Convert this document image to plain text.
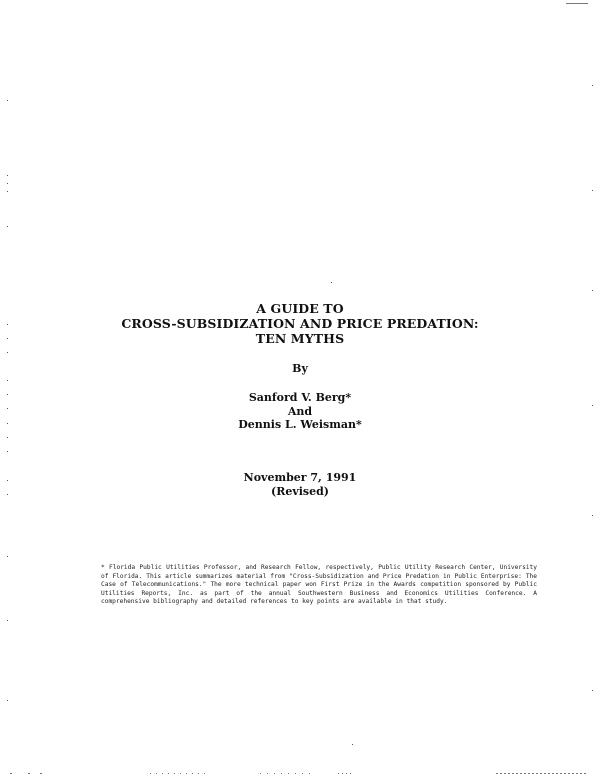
A GUIDE TO
CROSS-SUBSIDIZATION AND PRICE PREDATION:
TEN MYTHS
By
Sanford V. Berg*
And
Dennis L. Weisman*
November 7, 1991
(Revised)
* Florida Public Utilities Professor, and Research Fellow, respectively, Public Utility Research Center, University of Florida. This article summarizes material from "Cross-Subsidization and Price Predation in Public Enterprise: The Case of Telecommunications." The more technical paper won First Prize in the Awards competition sponsored by Public Utilities Reports, Inc. as part of the annual Southwestern Business and Economics Utilities Conference. A comprehensive bibliography and detailed references to key points are available in that study.
